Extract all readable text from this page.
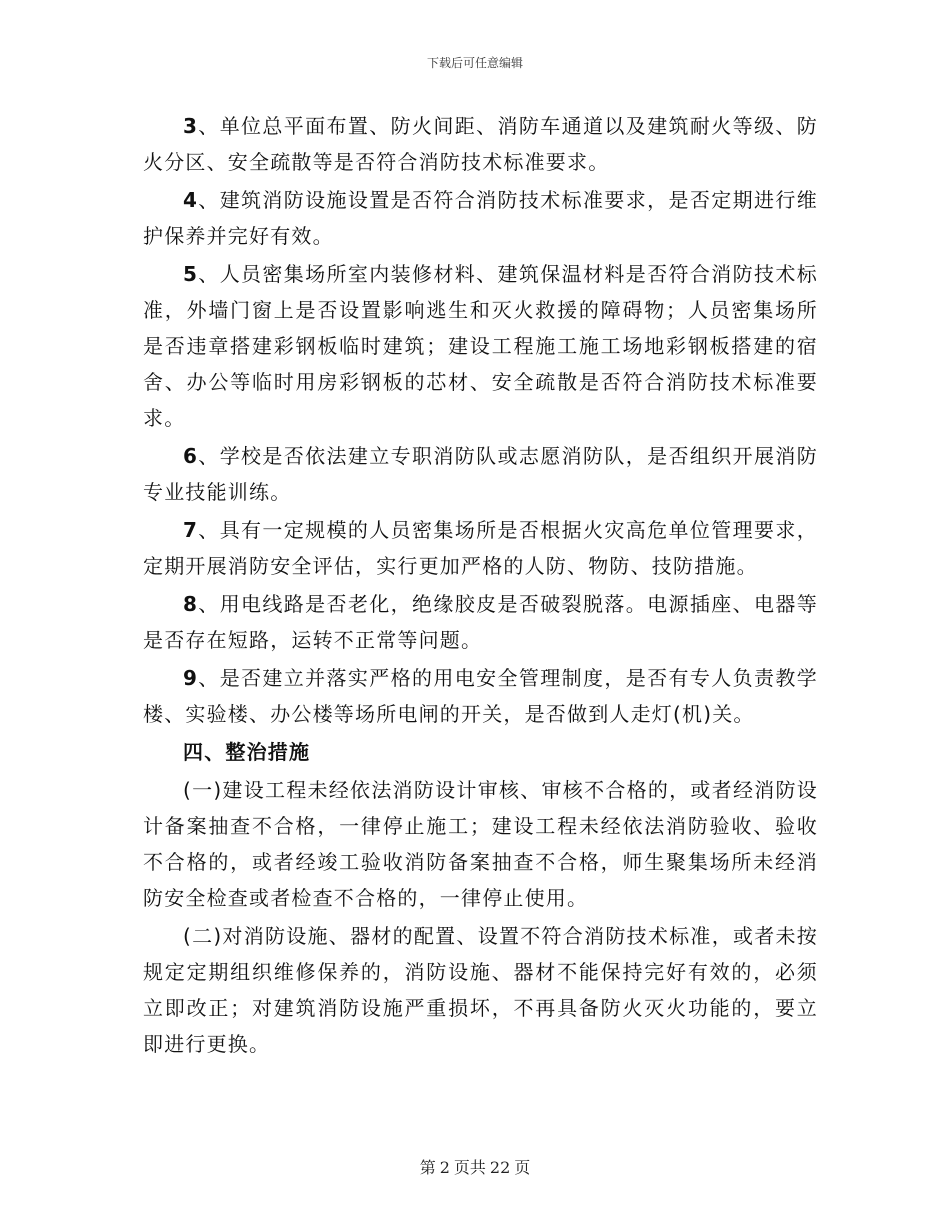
下载后可任意编辑

3、单位总平面布置、防火间距、消防车通道以及建筑耐火等级、防火分区、安全疏散等是否符合消防技术标准要求。

4、建筑消防设施设置是否符合消防技术标准要求，是否定期进行维护保养并完好有效。

5、人员密集场所室内装修材料、建筑保温材料是否符合消防技术标准，外墙门窗上是否设置影响逃生和灭火救援的障碍物；人员密集场所是否违章搭建彩钢板临时建筑；建设工程施工施工场地彩钢板搭建的宿舍、办公等临时用房彩钢板的芯材、安全疏散是否符合消防技术标准要求。

6、学校是否依法建立专职消防队或志愿消防队，是否组织开展消防专业技能训练。

7、具有一定规模的人员密集场所是否根据火灾高危单位管理要求，定期开展消防安全评估，实行更加严格的人防、物防、技防措施。

8、用电线路是否老化，绝缘胶皮是否破裂脱落。电源插座、电器等是否存在短路，运转不正常等问题。

9、是否建立并落实严格的用电安全管理制度，是否有专人负责教学楼、实验楼、办公楼等场所电闸的开关，是否做到人走灯(机)关。

四、整治措施

(一)建设工程未经依法消防设计审核、审核不合格的，或者经消防设计备案抽查不合格，一律停止施工；建设工程未经依法消防验收、验收不合格的，或者经竣工验收消防备案抽查不合格，师生聚集场所未经消防安全检查或者检查不合格的，一律停止使用。

(二)对消防设施、器材的配置、设置不符合消防技术标准，或者未按规定定期组织维修保养的，消防设施、器材不能保持完好有效的，必须立即改正；对建筑消防设施严重损坏，不再具备防火灭火功能的，要立即进行更换。

第 2 页共 22 页
